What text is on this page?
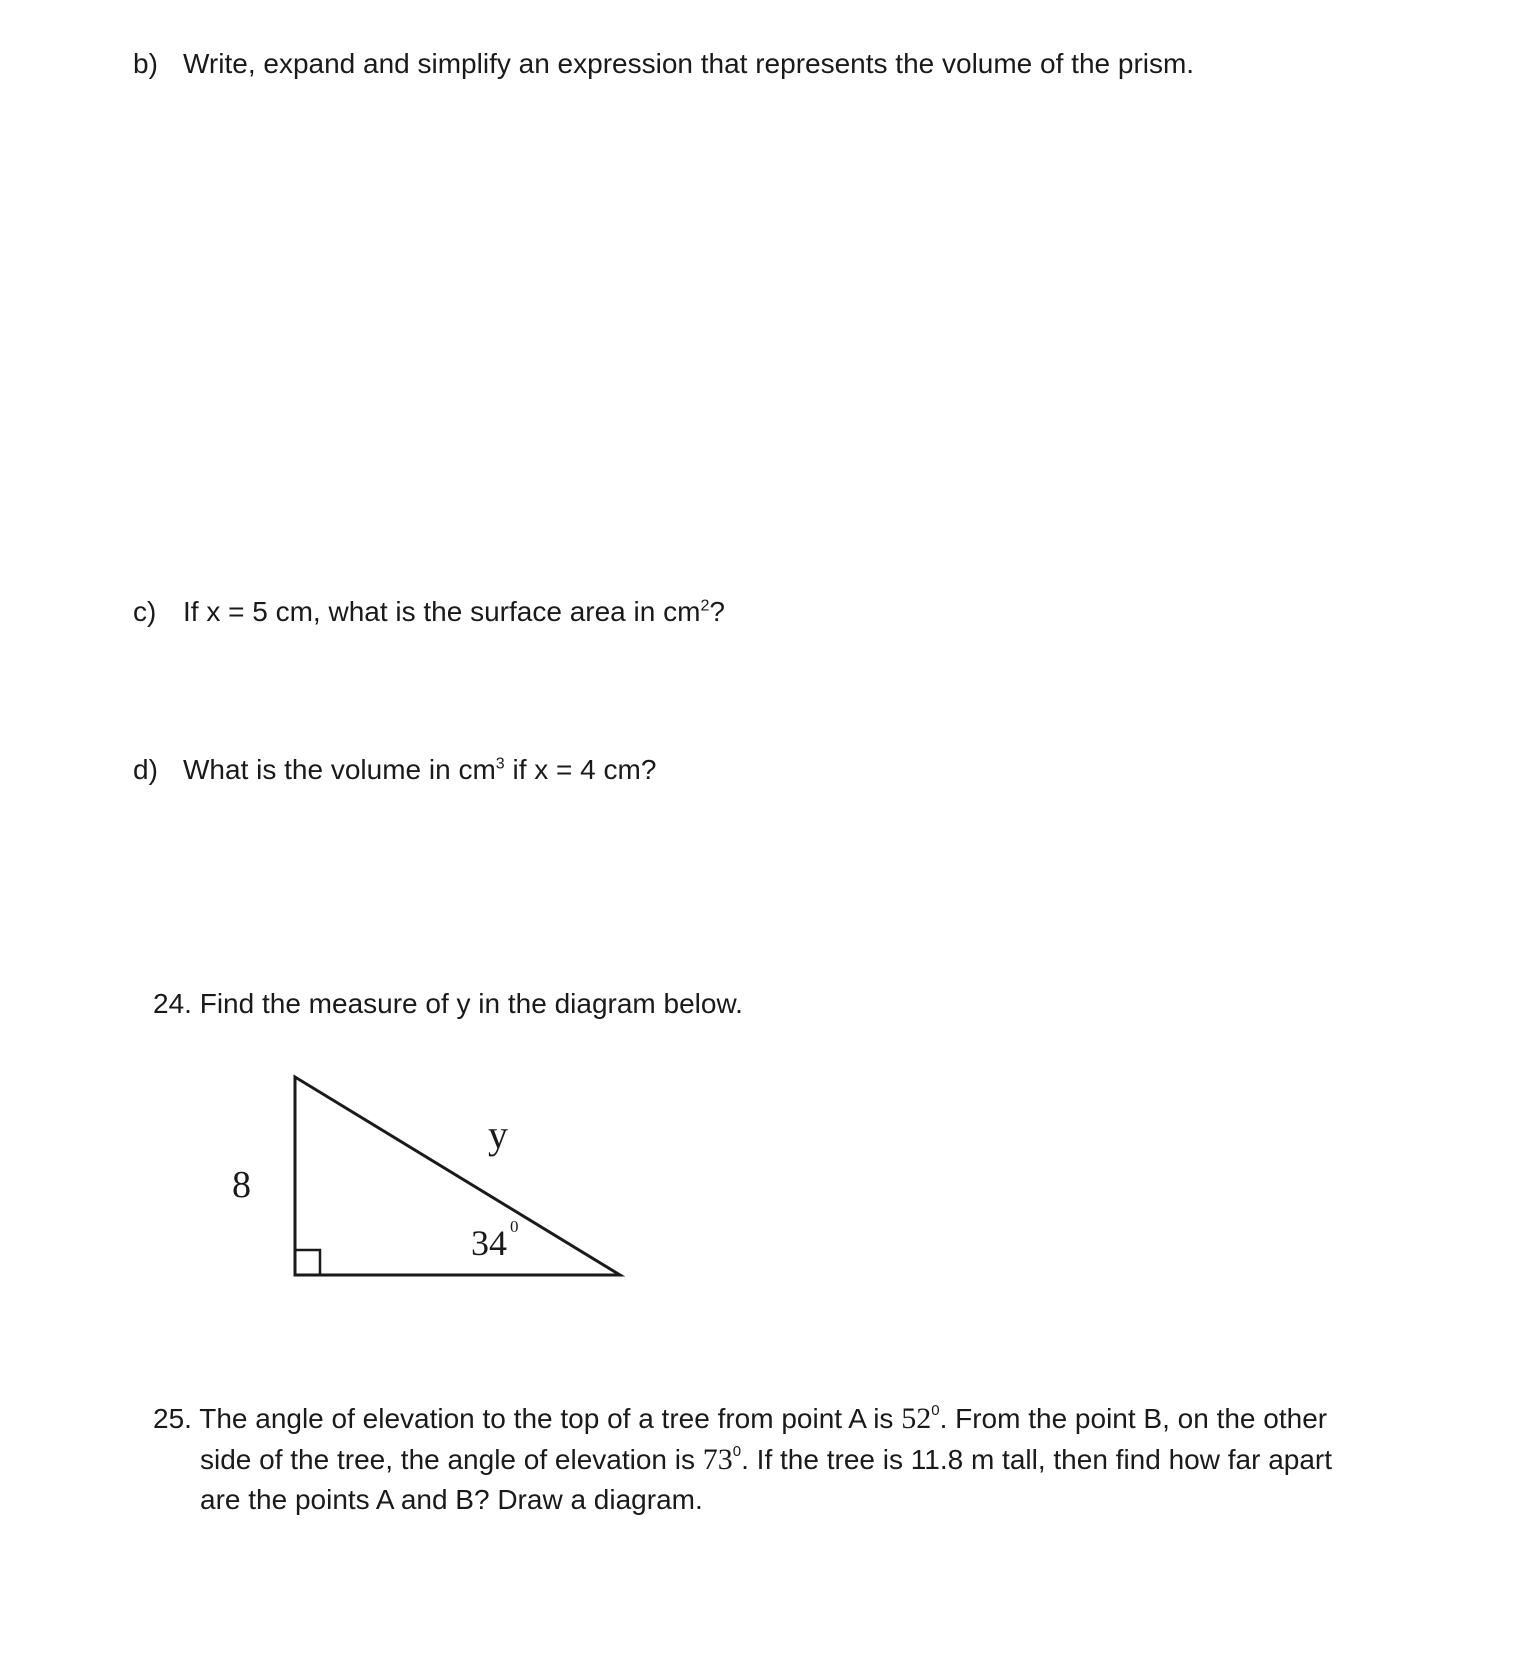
b) Write, expand and simplify an expression that represents the volume of the prism.
c) If x = 5 cm, what is the surface area in $cm^2$?
d) What is the volume in $cm^3$ if x = 4 cm?
24. Find the measure of y in the diagram below.
8
y
34 0
25. The angle of elevation to the top of a tree from point A is $52^0$. From the point B, on the other
side of the tree, the angle of elevation is $73^0$. If the tree is 11.8 m tall, then find how far apart
are the points A and B? Draw a diagram.
